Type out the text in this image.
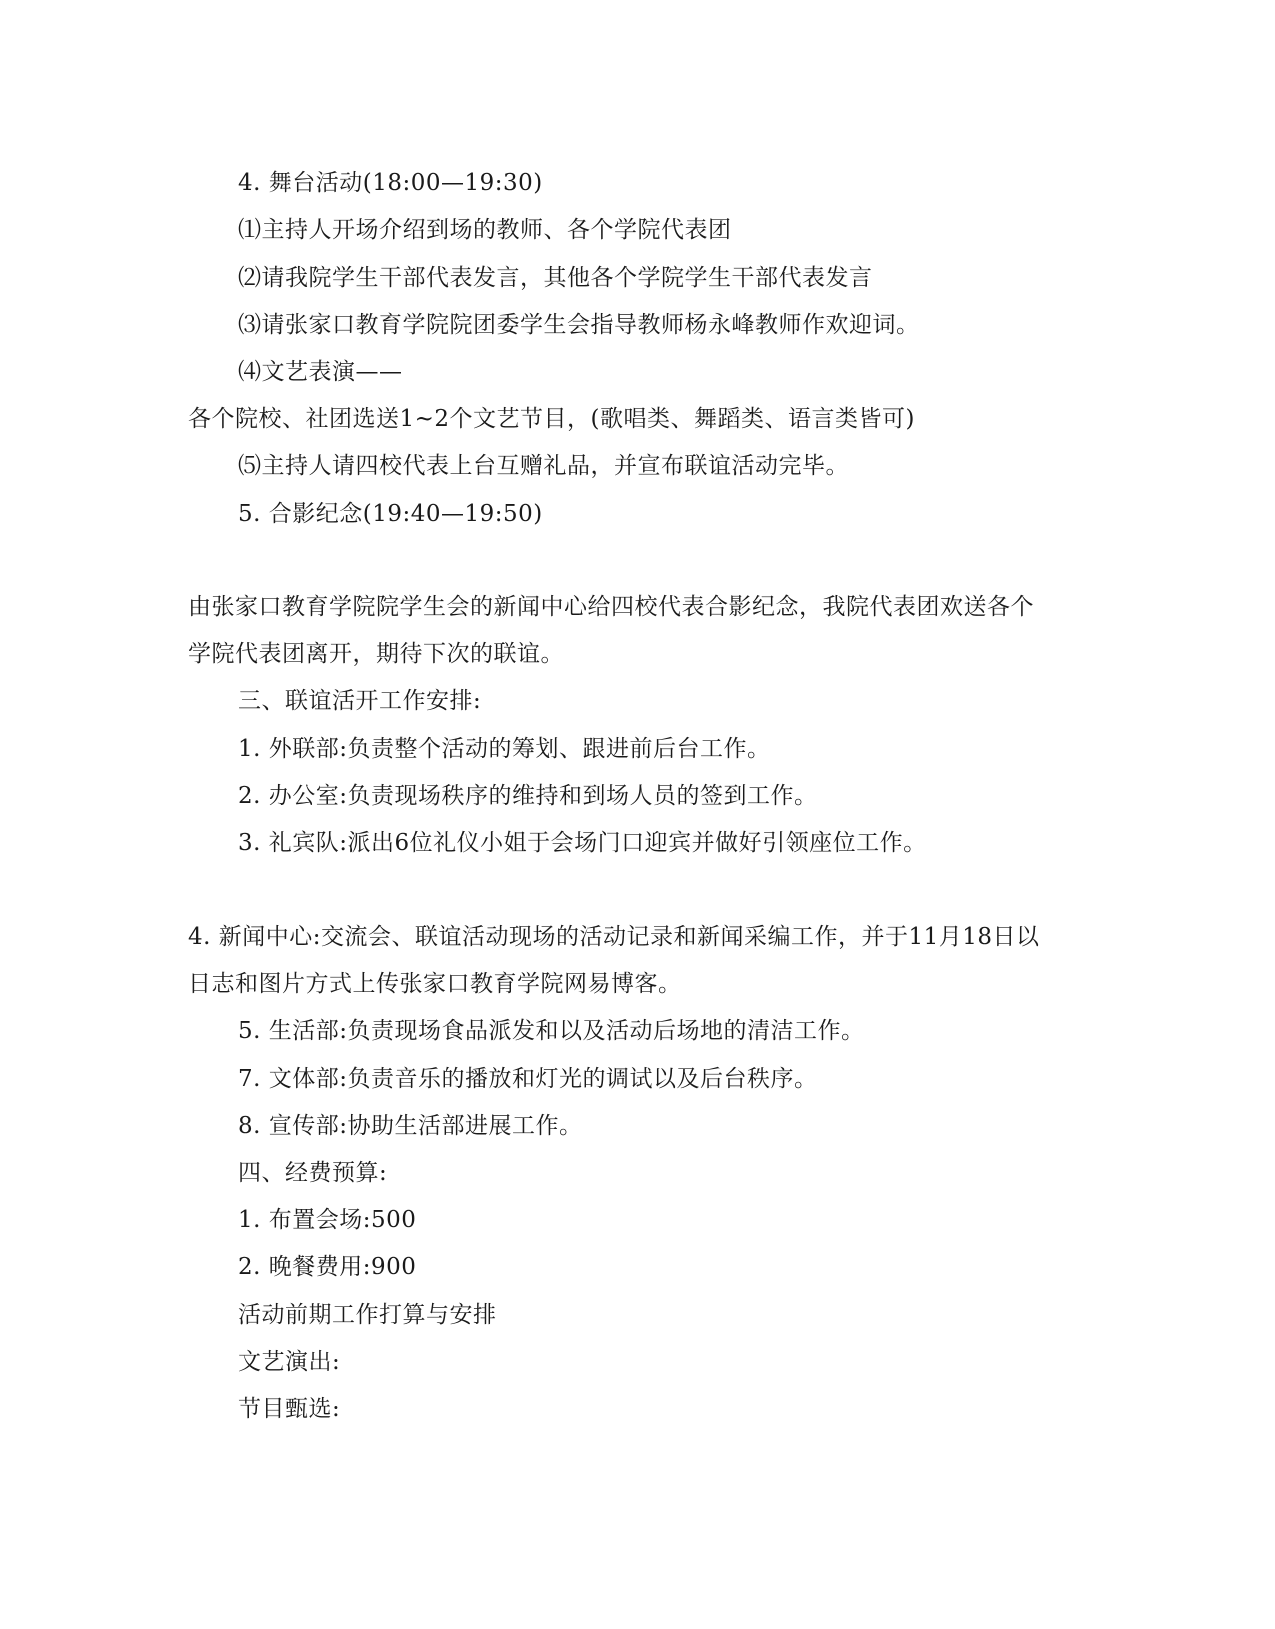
4. 舞台活动(18:00—19:30)
⑴主持人开场介绍到场的教师、各个学院代表团
⑵请我院学生干部代表发言，其他各个学院学生干部代表发言
⑶请张家口教育学院院团委学生会指导教师杨永峰教师作欢迎词。
⑷文艺表演——
各个院校、社团选送1~2个文艺节目，(歌唱类、舞蹈类、语言类皆可)
⑸主持人请四校代表上台互赠礼品，并宣布联谊活动完毕。
5. 合影纪念(19:40—19:50)
由张家口教育学院院学生会的新闻中心给四校代表合影纪念，我院代表团欢送各个
学院代表团离开，期待下次的联谊。
三、联谊活开工作安排:
1. 外联部:负责整个活动的筹划、跟进前后台工作。
2. 办公室:负责现场秩序的维持和到场人员的签到工作。
3. 礼宾队:派出6位礼仪小姐于会场门口迎宾并做好引领座位工作。
4. 新闻中心:交流会、联谊活动现场的活动记录和新闻采编工作，并于11月18日以
日志和图片方式上传张家口教育学院网易博客。
5. 生活部:负责现场食品派发和以及活动后场地的清洁工作。
7. 文体部:负责音乐的播放和灯光的调试以及后台秩序。
8. 宣传部:协助生活部进展工作。
四、经费预算:
1. 布置会场:500
2. 晚餐费用:900
活动前期工作打算与安排
文艺演出:
节目甄选:
